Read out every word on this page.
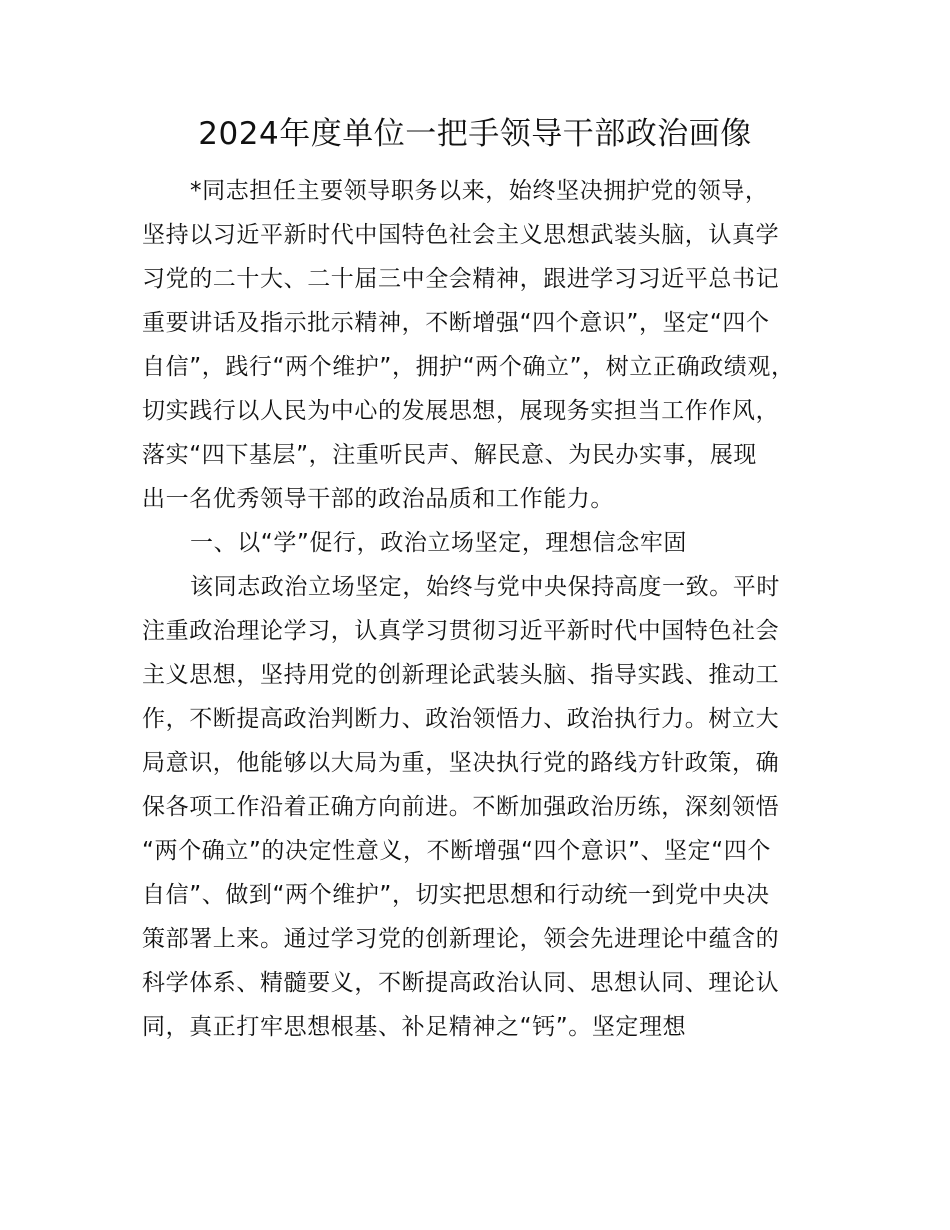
2024年度单位一把手领导干部政治画像
*同志担任主要领导职务以来，始终坚决拥护党的领导，
坚持以习近平新时代中国特色社会主义思想武装头脑，认真学
习党的二十大、二十届三中全会精神，跟进学习习近平总书记
重要讲话及指示批示精神，不断增强“四个意识”，坚定“四个
自信”，践行“两个维护”，拥护“两个确立”，树立正确政绩观，
切实践行以人民为中心的发展思想，展现务实担当工作作风，
落实“四下基层”，注重听民声、解民意、为民办实事，展现
出一名优秀领导干部的政治品质和工作能力。
一、以“学”促行，政治立场坚定，理想信念牢固
该同志政治立场坚定，始终与党中央保持高度一致。平时
注重政治理论学习，认真学习贯彻习近平新时代中国特色社会
主义思想，坚持用党的创新理论武装头脑、指导实践、推动工
作，不断提高政治判断力、政治领悟力、政治执行力。树立大
局意识，他能够以大局为重，坚决执行党的路线方针政策，确
保各项工作沿着正确方向前进。不断加强政治历练，深刻领悟
“两个确立”的决定性意义，不断增强“四个意识”、坚定“四个
自信”、做到“两个维护”，切实把思想和行动统一到党中央决
策部署上来。通过学习党的创新理论，领会先进理论中蕴含的
科学体系、精髓要义，不断提高政治认同、思想认同、理论认
同，真正打牢思想根基、补足精神之“钙”。坚定理想
